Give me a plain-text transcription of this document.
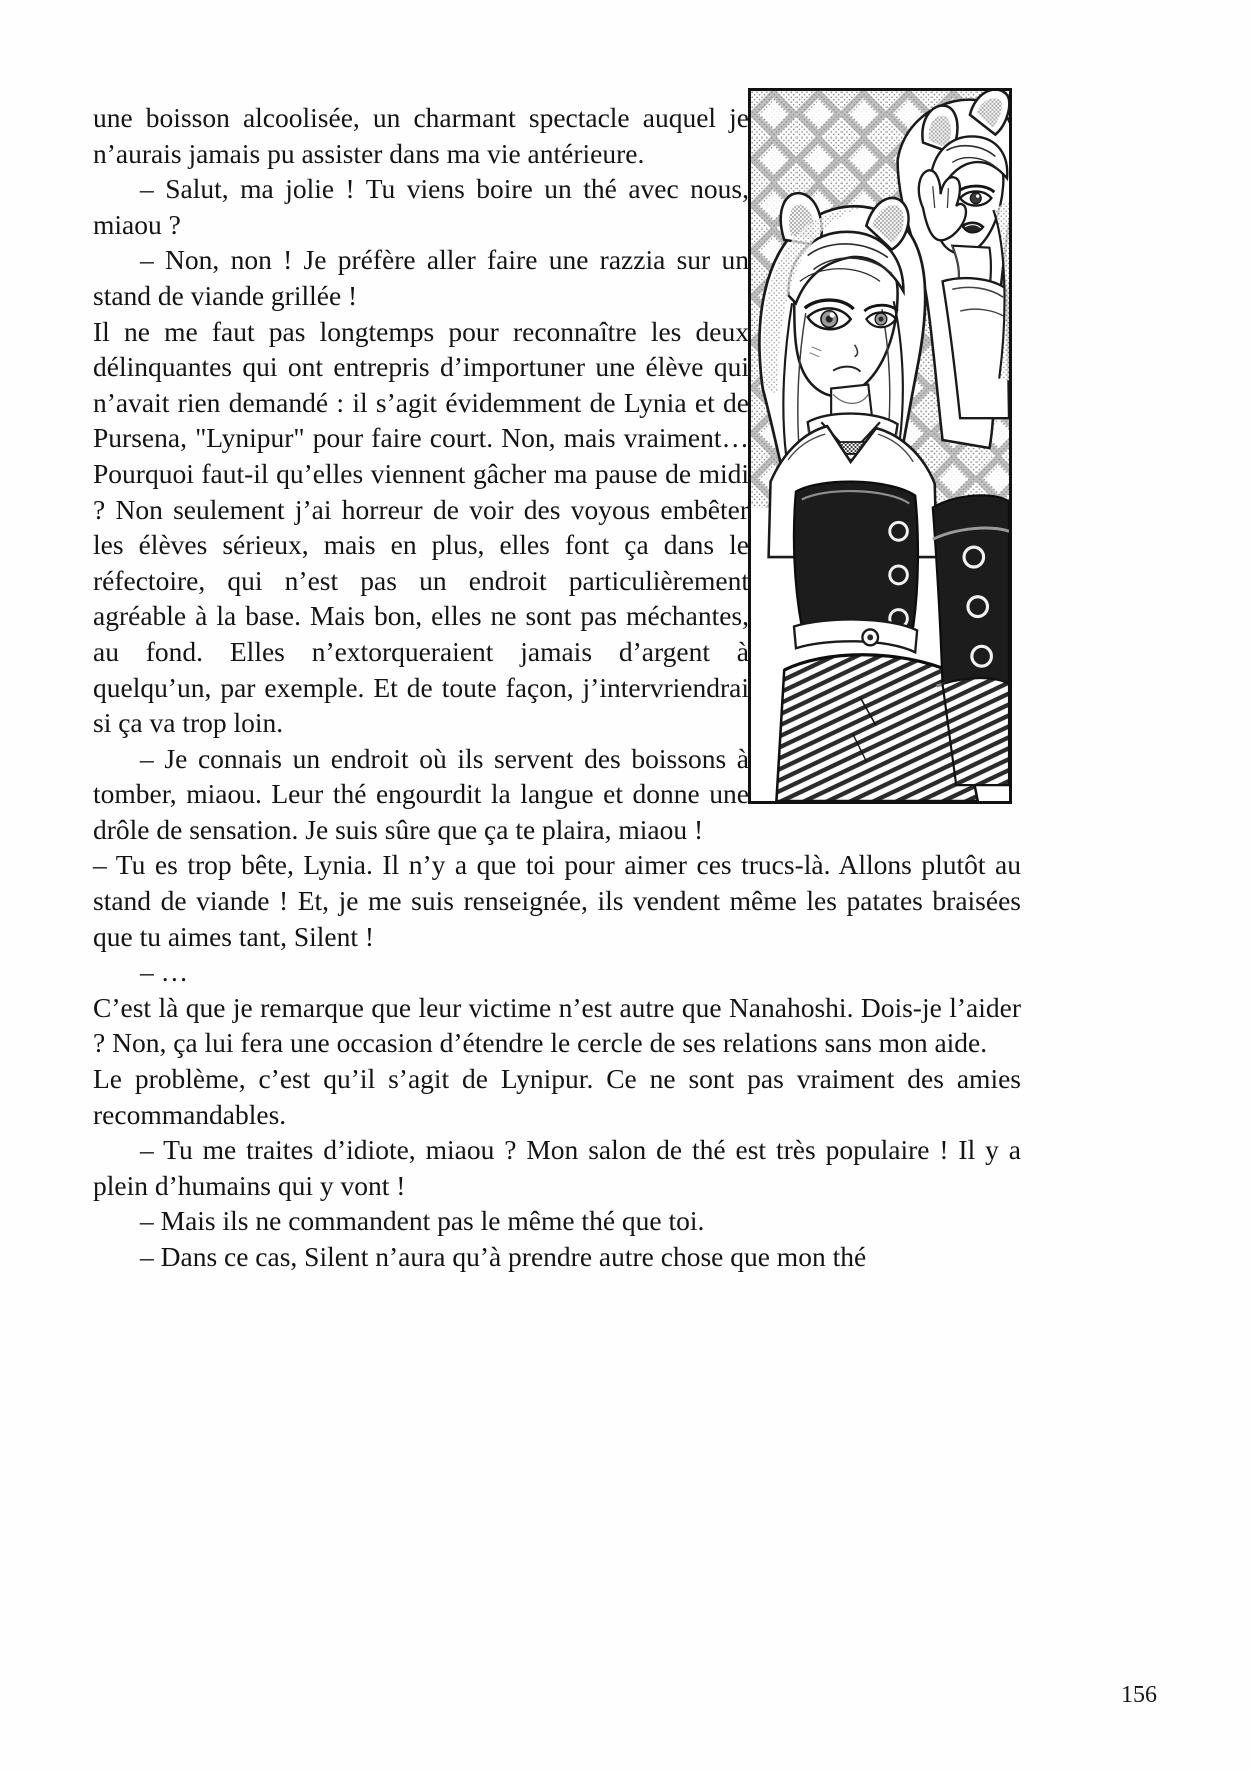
une boisson alcoolisée, un charmant spectacle auquel je n’aurais jamais pu assister dans ma vie antérieure.

– Salut, ma jolie ! Tu viens boire un thé avec nous, miaou ?

– Non, non ! Je préfère aller faire une razzia sur un stand de viande grillée !

Il ne me faut pas longtemps pour reconnaître les deux délinquantes qui ont entrepris d’importuner une élève qui n’avait rien demandé : il s’agit évidemment de Lynia et de Pursena, "Lynipur" pour faire court. Non, mais vraiment… Pourquoi faut-il qu’elles viennent gâcher ma pause de midi ? Non seulement j’ai horreur de voir des voyous embêter les élèves sérieux, mais en plus, elles font ça dans le réfectoire, qui n’est pas un endroit particulièrement agréable à la base. Mais bon, elles ne sont pas méchantes, au fond. Elles n’extorqueraient jamais d’argent à quelqu’un, par exemple. Et de toute façon, j’intervriendrai si ça va trop loin.

– Je connais un endroit où ils servent des boissons à tomber, miaou. Leur thé engourdit la langue et donne une drôle de sensation. Je suis sûre que ça te plaira, miaou !

– Tu es trop bête, Lynia. Il n’y a que toi pour aimer ces trucs-là. Allons plutôt au stand de viande ! Et, je me suis renseignée, ils vendent même les patates braisées que tu aimes tant, Silent !

– …

C’est là que je remarque que leur victime n’est autre que Nanahoshi. Dois-je l’aider ? Non, ça lui fera une occasion d’étendre le cercle de ses relations sans mon aide.

Le problème, c’est qu’il s’agit de Lynipur. Ce ne sont pas vraiment des amies recommandables.

– Tu me traites d’idiote, miaou ? Mon salon de thé est très populaire ! Il y a plein d’humains qui y vont !

– Mais ils ne commandent pas le même thé que toi.

– Dans ce cas, Silent n’aura qu’à prendre autre chose que mon thé

156
